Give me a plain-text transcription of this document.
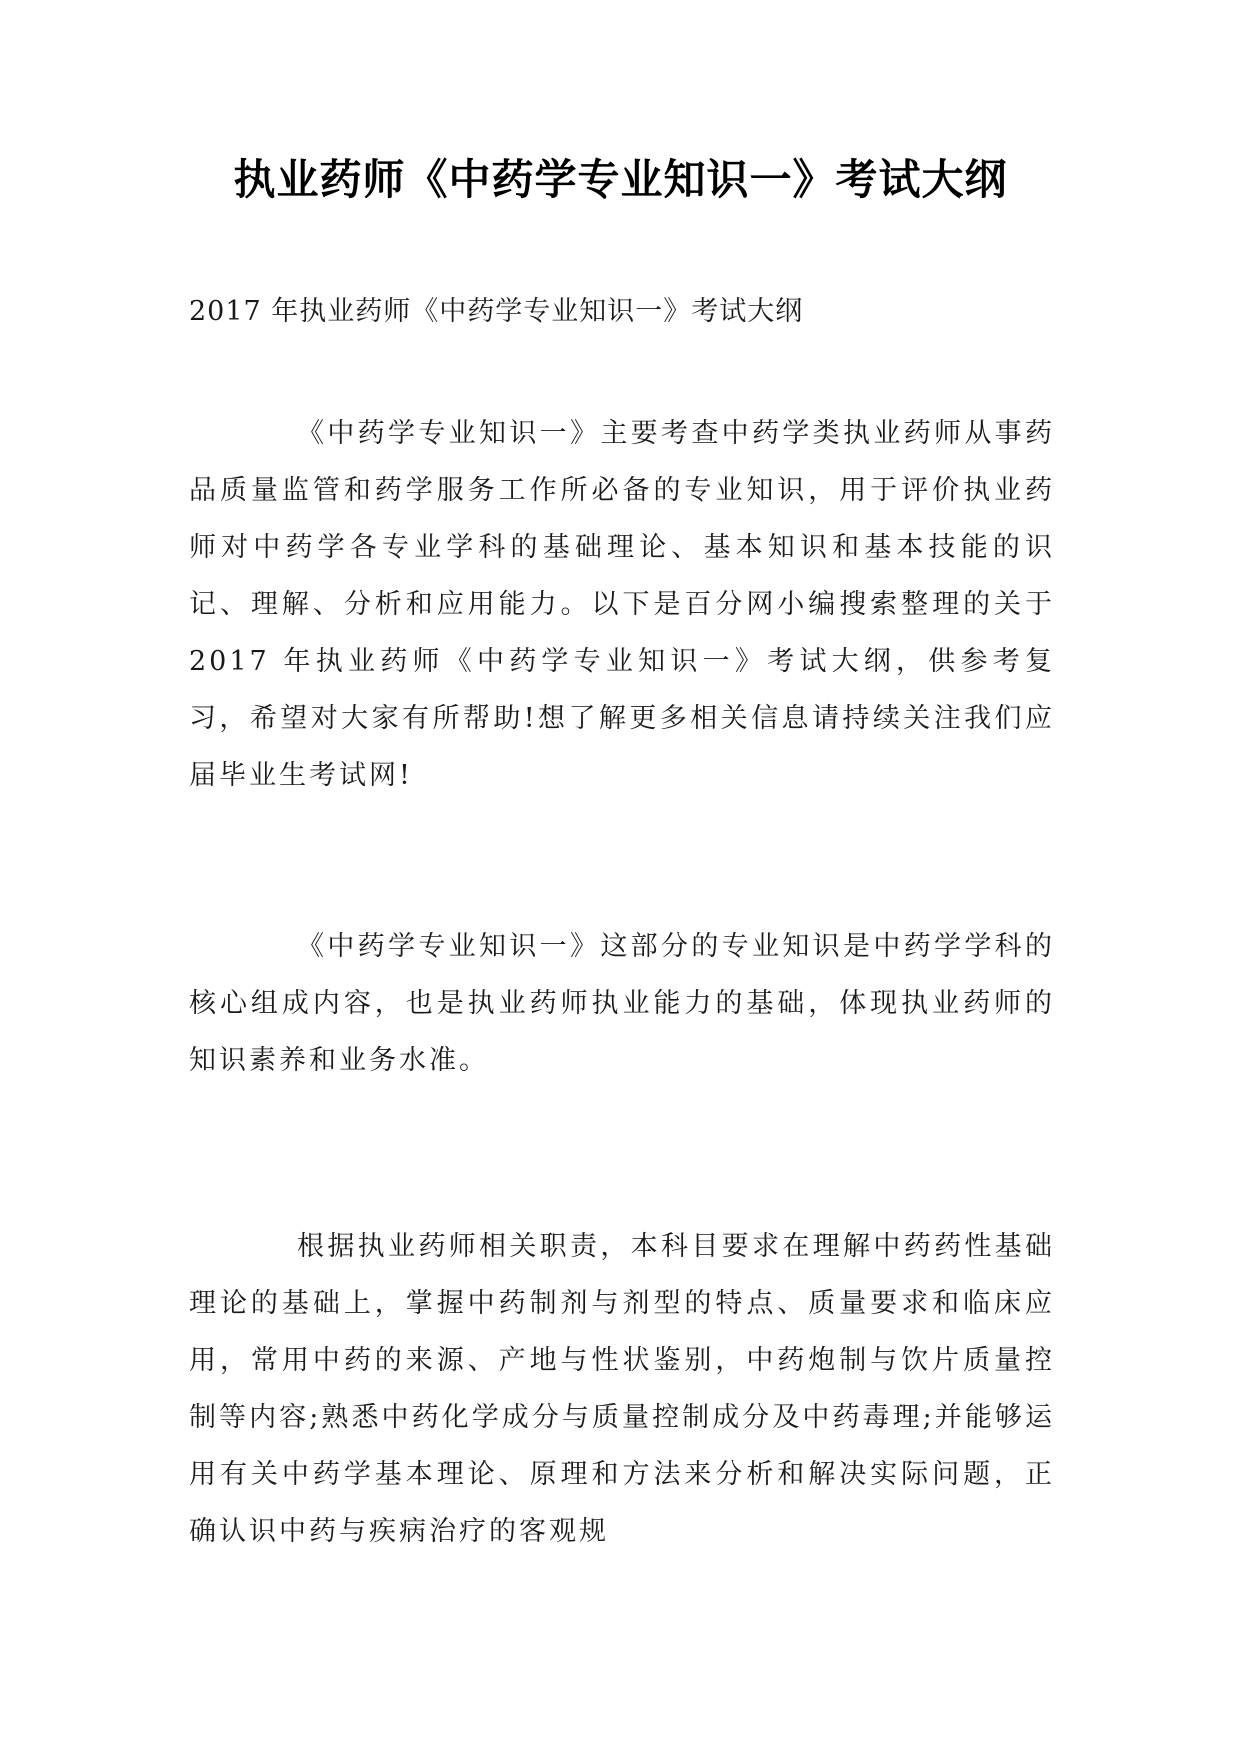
执业药师《中药学专业知识一》考试大纲

2017 年执业药师《中药学专业知识一》考试大纲

《中药学专业知识一》主要考查中药学类执业药师从事药品质量监管和药学服务工作所必备的专业知识，用于评价执业药师对中药学各专业学科的基础理论、基本知识和基本技能的识记、理解、分析和应用能力。以下是百分网小编搜索整理的关于 2017 年执业药师《中药学专业知识一》考试大纲，供参考复习，希望对大家有所帮助!想了解更多相关信息请持续关注我们应届毕业生考试网!

《中药学专业知识一》这部分的专业知识是中药学学科的核心组成内容，也是执业药师执业能力的基础，体现执业药师的知识素养和业务水准。

根据执业药师相关职责，本科目要求在理解中药药性基础理论的基础上，掌握中药制剂与剂型的特点、质量要求和临床应用，常用中药的来源、产地与性状鉴别，中药炮制与饮片质量控制等内容;熟悉中药化学成分与质量控制成分及中药毒理;并能够运用有关中药学基本理论、原理和方法来分析和解决实际问题，正确认识中药与疾病治疗的客观规
